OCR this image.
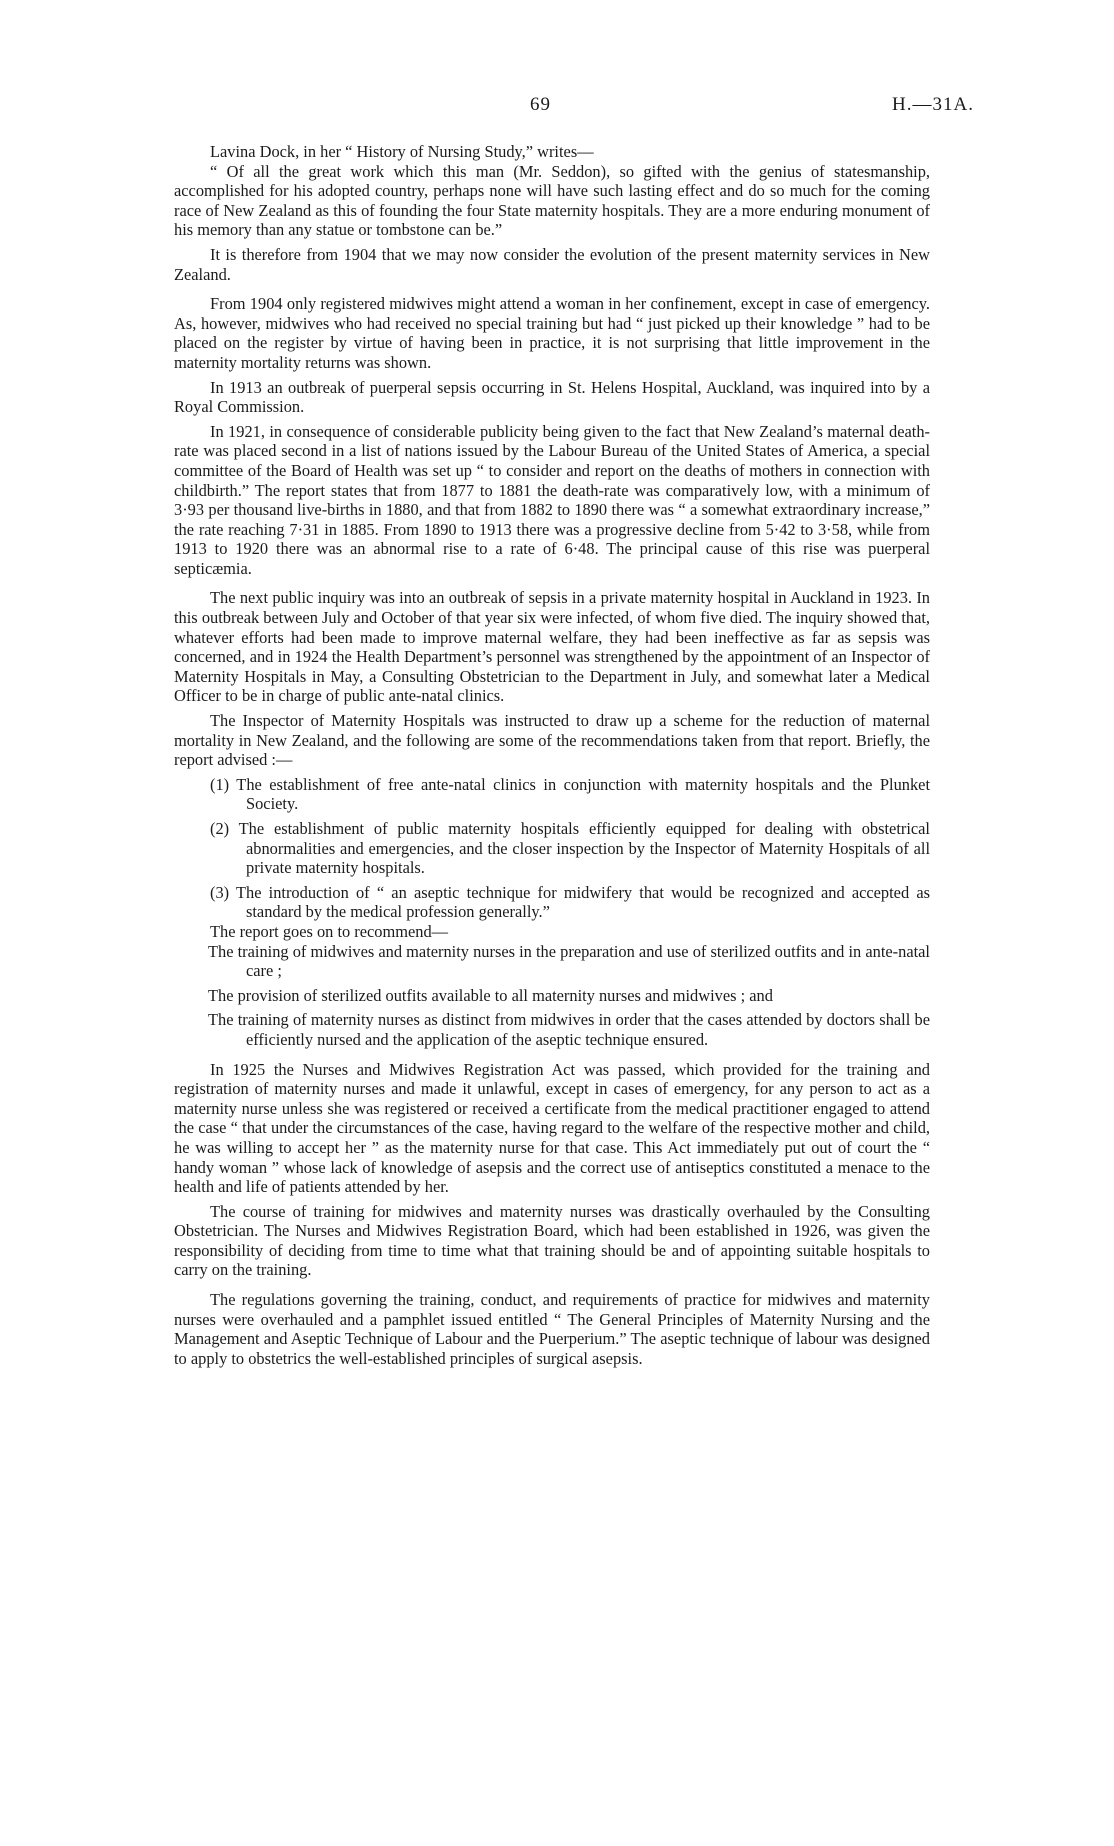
69	H.—31A.

Lavina Dock, in her “ History of Nursing Study,” writes—

“ Of all the great work which this man (Mr. Seddon), so gifted with the genius of statesmanship, accomplished for his adopted country, perhaps none will have such lasting effect and do so much for the coming race of New Zealand as this of founding the four State maternity hospitals. They are a more enduring monument of his memory than any statue or tombstone can be.”

It is therefore from 1904 that we may now consider the evolution of the present maternity services in New Zealand.

From 1904 only registered midwives might attend a woman in her confinement, except in case of emergency. As, however, midwives who had received no special training but had “ just picked up their knowledge ” had to be placed on the register by virtue of having been in practice, it is not surprising that little improvement in the maternity mortality returns was shown.

In 1913 an outbreak of puerperal sepsis occurring in St. Helens Hospital, Auckland, was inquired into by a Royal Commission.

In 1921, in consequence of considerable publicity being given to the fact that New Zealand’s maternal death-rate was placed second in a list of nations issued by the Labour Bureau of the United States of America, a special committee of the Board of Health was set up “ to consider and report on the deaths of mothers in connection with childbirth.” The report states that from 1877 to 1881 the death-rate was comparatively low, with a minimum of 3·93 per thousand live-births in 1880, and that from 1882 to 1890 there was “ a somewhat extraordinary increase,” the rate reaching 7·31 in 1885. From 1890 to 1913 there was a progressive decline from 5·42 to 3·58, while from 1913 to 1920 there was an abnormal rise to a rate of 6·48. The principal cause of this rise was puerperal septicæmia.

The next public inquiry was into an outbreak of sepsis in a private maternity hospital in Auckland in 1923. In this outbreak between July and October of that year six were infected, of whom five died. The inquiry showed that, whatever efforts had been made to improve maternal welfare, they had been ineffective as far as sepsis was concerned, and in 1924 the Health Department’s personnel was strengthened by the appointment of an Inspector of Maternity Hospitals in May, a Consulting Obstetrician to the Department in July, and somewhat later a Medical Officer to be in charge of public ante-natal clinics.

The Inspector of Maternity Hospitals was instructed to draw up a scheme for the reduction of maternal mortality in New Zealand, and the following are some of the recommendations taken from that report. Briefly, the report advised :—

(1) The establishment of free ante-natal clinics in conjunction with maternity hospitals and the Plunket Society.

(2) The establishment of public maternity hospitals efficiently equipped for dealing with obstetrical abnormalities and emergencies, and the closer inspection by the Inspector of Maternity Hospitals of all private maternity hospitals.

(3) The introduction of “ an aseptic technique for midwifery that would be recognized and accepted as standard by the medical profession generally.”

The report goes on to recommend—

The training of midwives and maternity nurses in the preparation and use of sterilized outfits and in ante-natal care ;

The provision of sterilized outfits available to all maternity nurses and midwives ; and

The training of maternity nurses as distinct from midwives in order that the cases attended by doctors shall be efficiently nursed and the application of the aseptic technique ensured.

In 1925 the Nurses and Midwives Registration Act was passed, which provided for the training and registration of maternity nurses and made it unlawful, except in cases of emergency, for any person to act as a maternity nurse unless she was registered or received a certificate from the medical practitioner engaged to attend the case “ that under the circumstances of the case, having regard to the welfare of the respective mother and child, he was willing to accept her ” as the maternity nurse for that case. This Act immediately put out of court the “ handy woman ” whose lack of knowledge of asepsis and the correct use of antiseptics constituted a menace to the health and life of patients attended by her.

The course of training for midwives and maternity nurses was drastically overhauled by the Consulting Obstetrician. The Nurses and Midwives Registration Board, which had been established in 1926, was given the responsibility of deciding from time to time what that training should be and of appointing suitable hospitals to carry on the training.

The regulations governing the training, conduct, and requirements of practice for midwives and maternity nurses were overhauled and a pamphlet issued entitled “ The General Principles of Maternity Nursing and the Management and Aseptic Technique of Labour and the Puerperium.” The aseptic technique of labour was designed to apply to obstetrics the well-established principles of surgical asepsis.
